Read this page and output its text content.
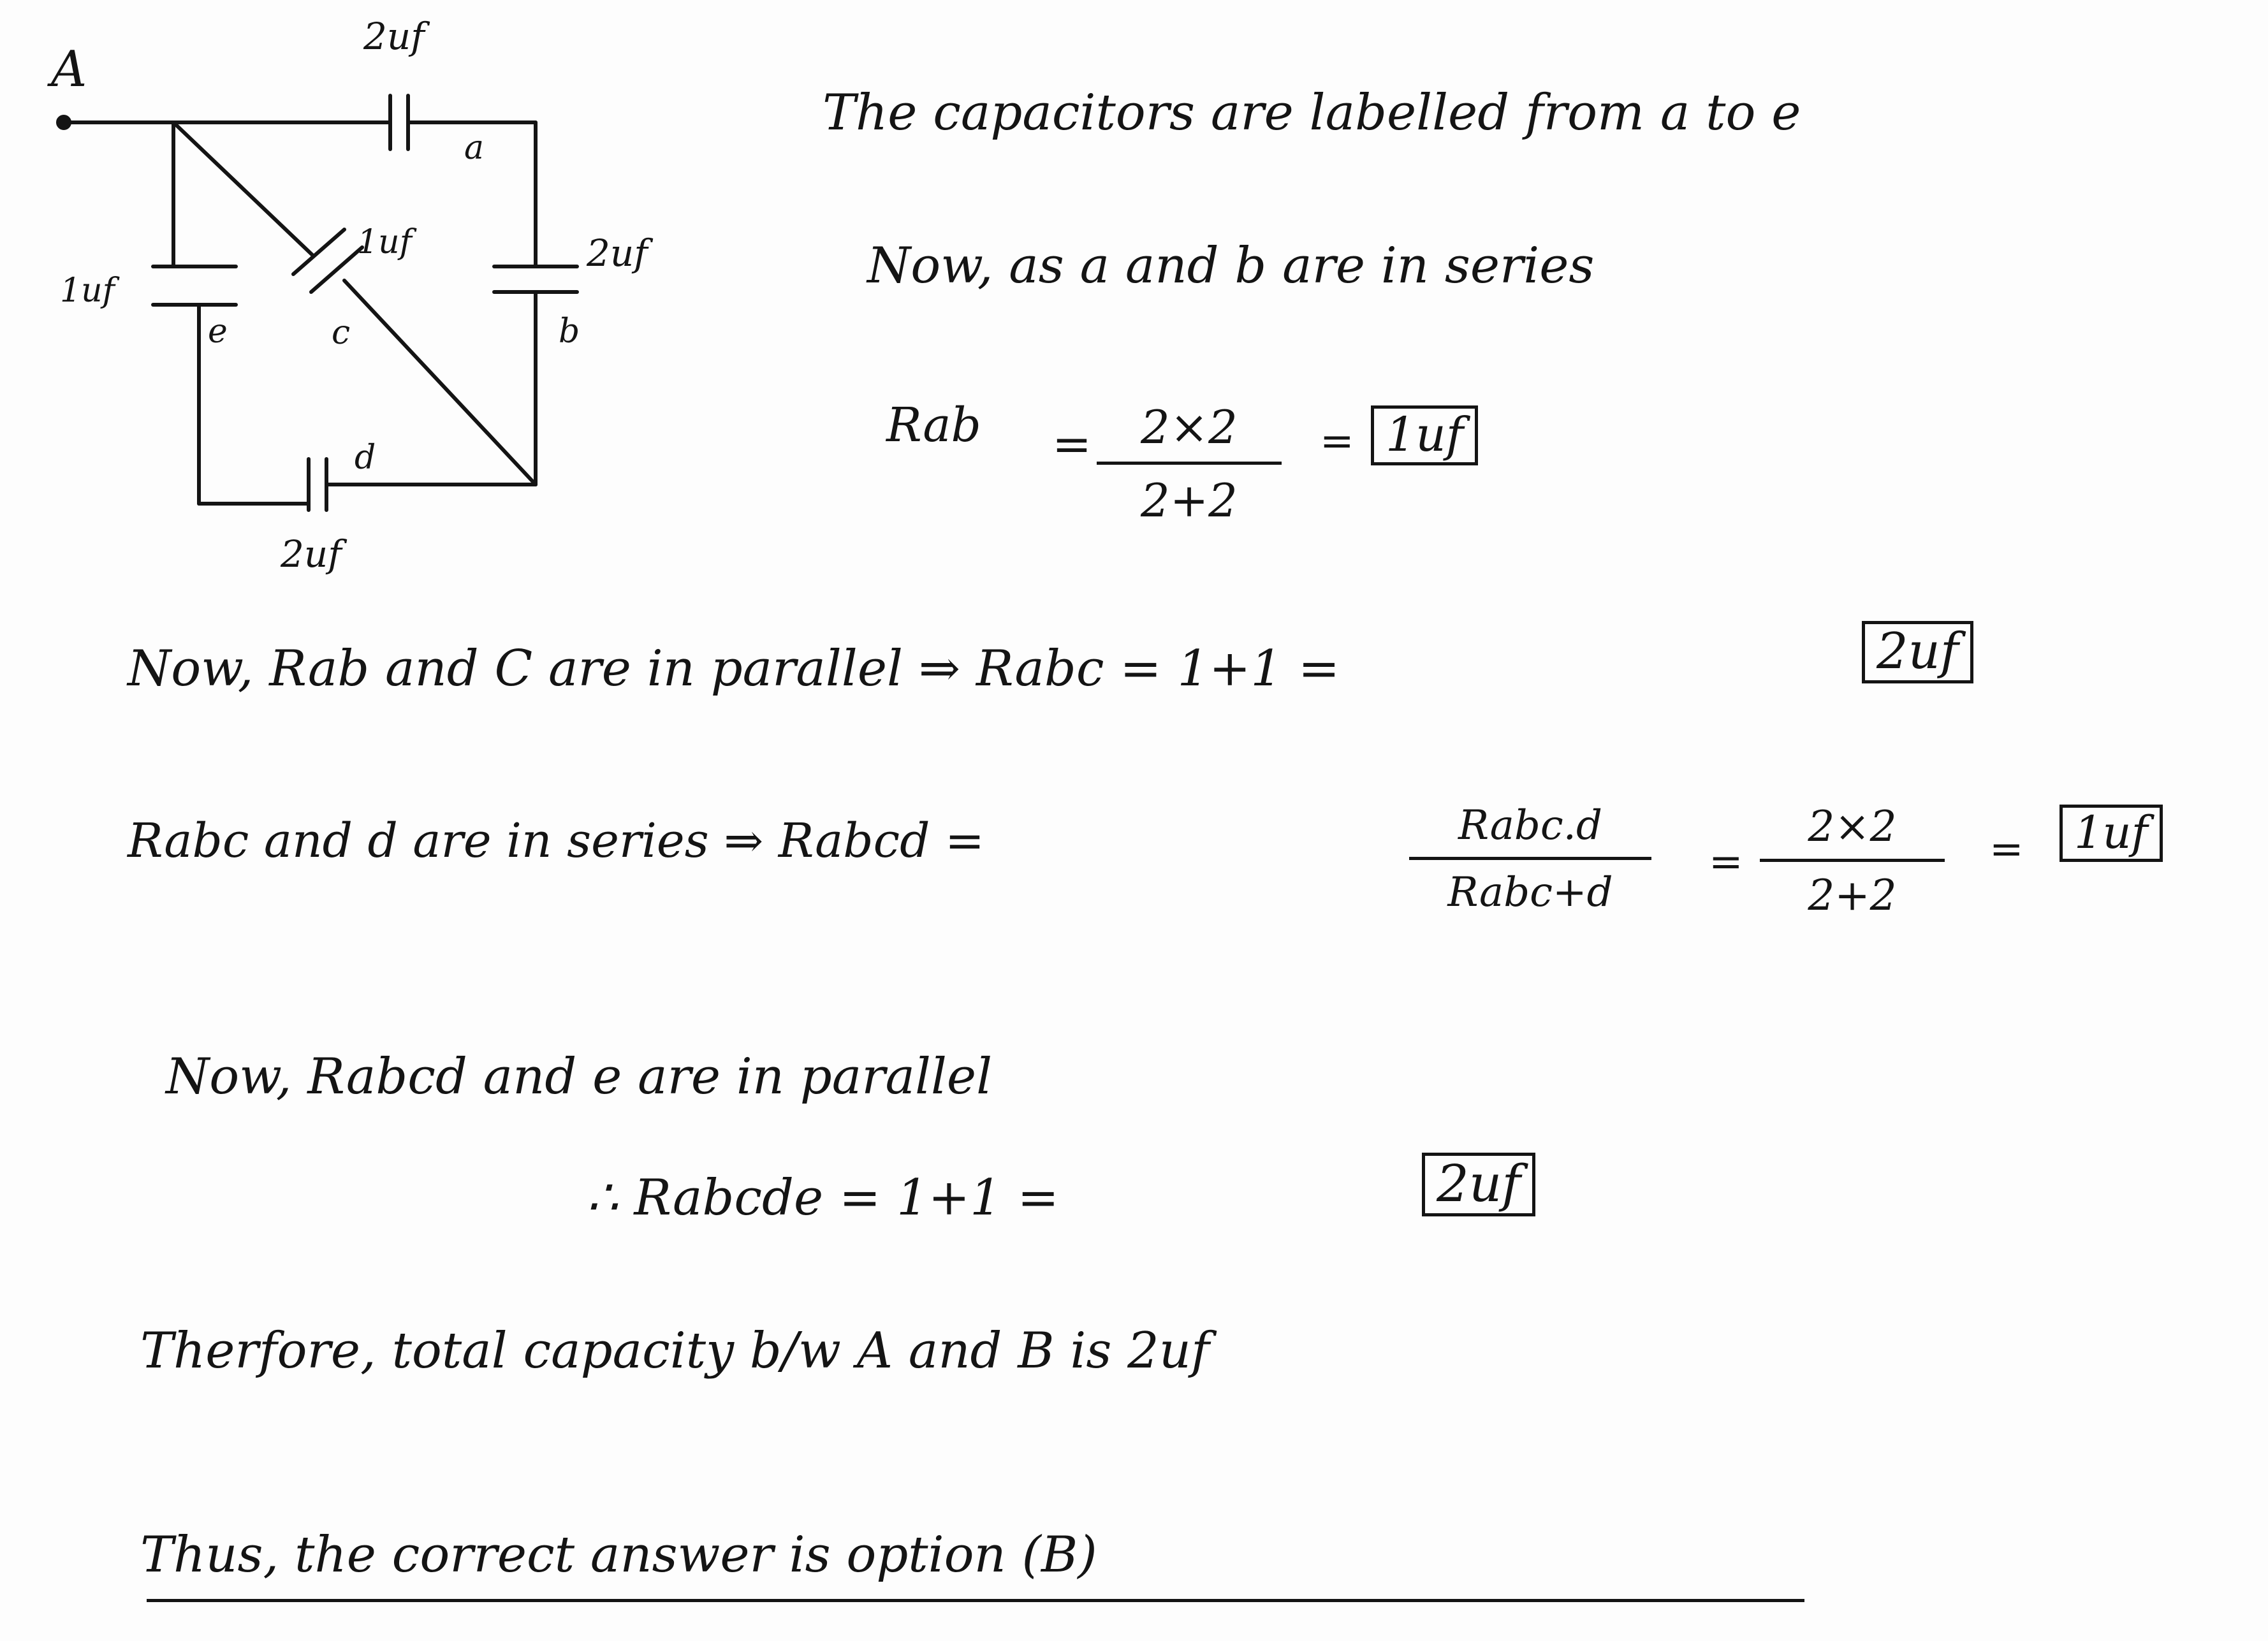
A
2uf
a
2uf
b
1uf
c
2uf
d
1uf
e
The capacitors are labelled from a to e
Now, as a and b are in series
Rab =	2×2
2+2
= 1uf
Now, Rab and C are in parallel ⇒ Rabc = 1+1 =	2uf
Rabc and d are in series ⇒ Rabcd =	Rabc.d
Rabc+d
=
2×2
2+2
=	1uf
Now, Rabcd and e are in parallel
∴ Rabcde = 1+1 =	2uf
Therfore, total capacity b/w A and B is 2uf
Thus, the correct answer is option (B)
